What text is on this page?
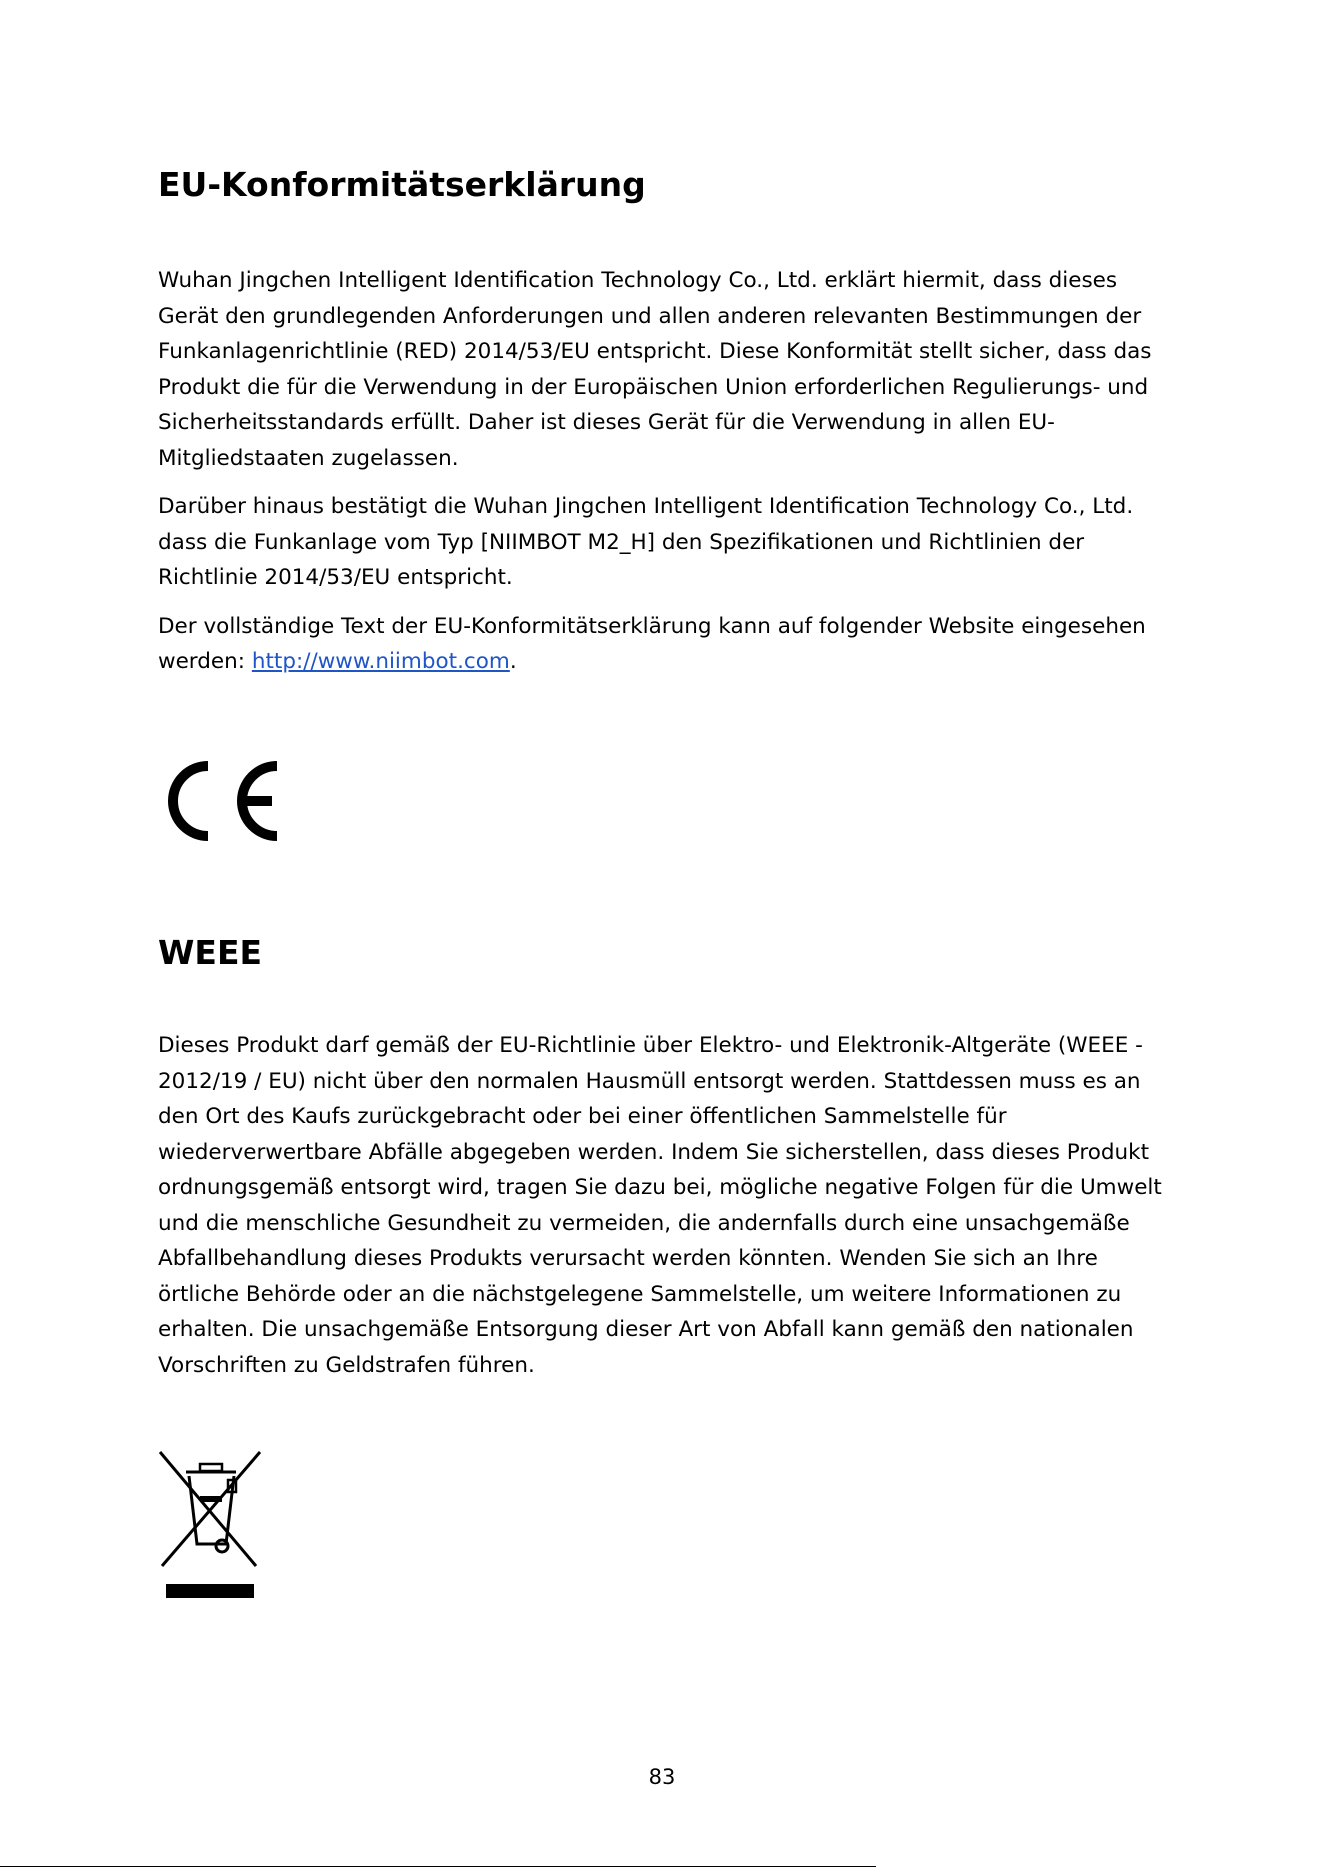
EU-Konformitätserklärung

Wuhan Jingchen Intelligent Identification Technology Co., Ltd. erklärt hiermit, dass dieses Gerät den grundlegenden Anforderungen und allen anderen relevanten Bestimmungen der Funkanlagenrichtlinie (RED) 2014/53/EU entspricht. Diese Konformität stellt sicher, dass das Produkt die für die Verwendung in der Europäischen Union erforderlichen Regulierungs- und Sicherheitsstandards erfüllt. Daher ist dieses Gerät für die Verwendung in allen EU-Mitgliedstaaten zugelassen.

Darüber hinaus bestätigt die Wuhan Jingchen Intelligent Identification Technology Co., Ltd. dass die Funkanlage vom Typ [NIIMBOT M2_H] den Spezifikationen und Richtlinien der Richtlinie 2014/53/EU entspricht.

Der vollständige Text der EU-Konformitätserklärung kann auf folgender Website eingesehen werden: http://www.niimbot.com.

WEEE

Dieses Produkt darf gemäß der EU-Richtlinie über Elektro- und Elektronik-Altgeräte (WEEE - 2012/19 / EU) nicht über den normalen Hausmüll entsorgt werden. Stattdessen muss es an den Ort des Kaufs zurückgebracht oder bei einer öffentlichen Sammelstelle für wiederverwertbare Abfälle abgegeben werden. Indem Sie sicherstellen, dass dieses Produkt ordnungsgemäß entsorgt wird, tragen Sie dazu bei, mögliche negative Folgen für die Umwelt und die menschliche Gesundheit zu vermeiden, die andernfalls durch eine unsachgemäße Abfallbehandlung dieses Produkts verursacht werden könnten. Wenden Sie sich an Ihre örtliche Behörde oder an die nächstgelegene Sammelstelle, um weitere Informationen zu erhalten. Die unsachgemäße Entsorgung dieser Art von Abfall kann gemäß den nationalen Vorschriften zu Geldstrafen führen.

83
